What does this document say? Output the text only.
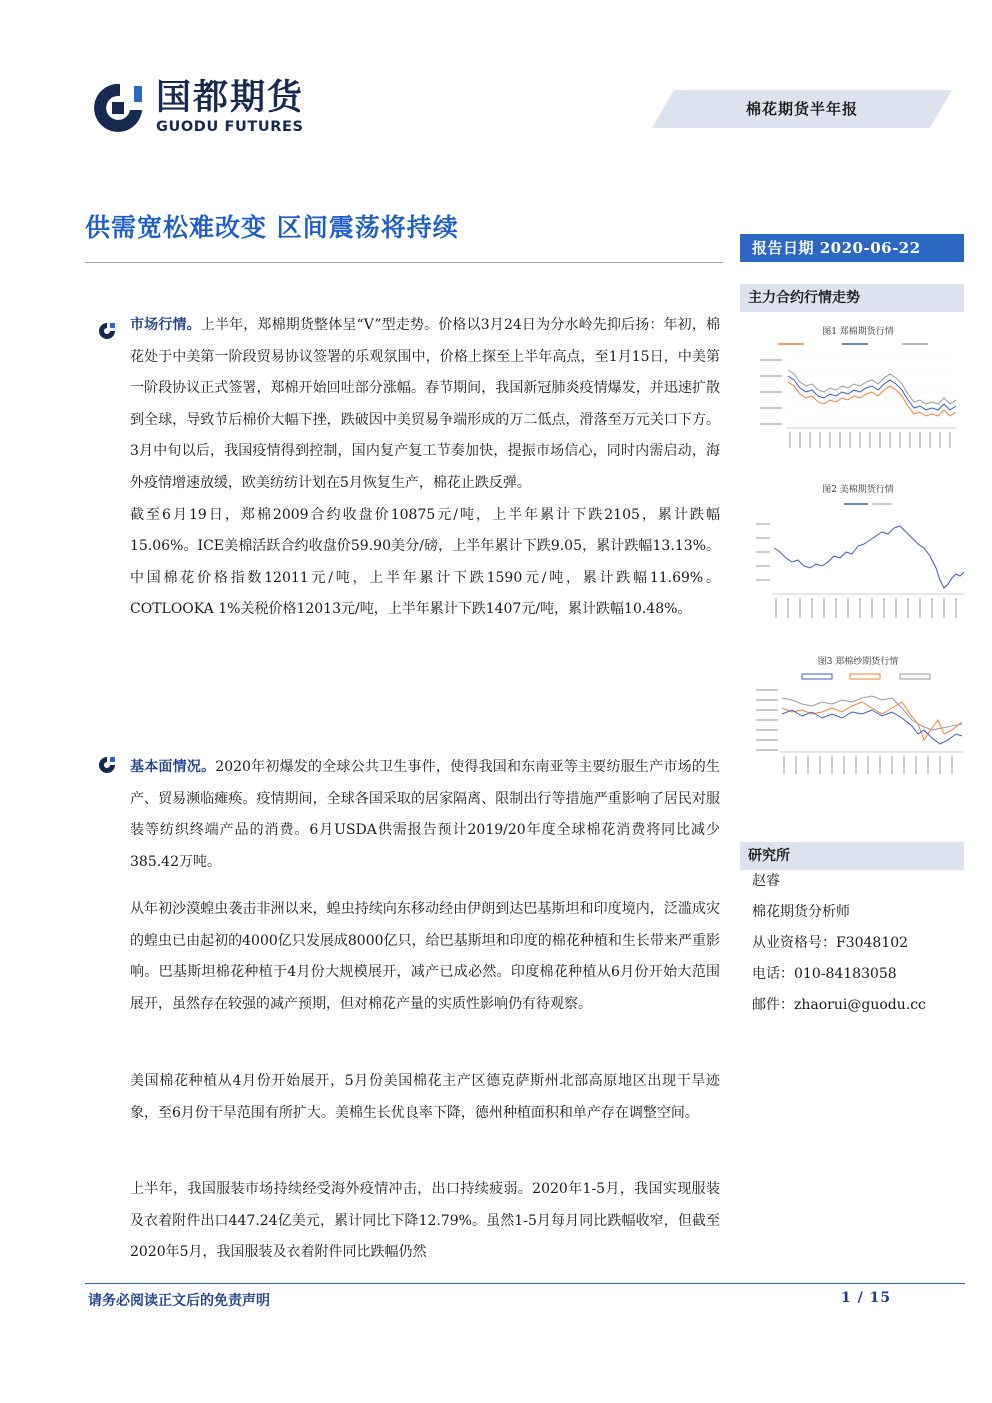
国都期货
GUODU FUTURES
棉花期货半年报
供需宽松难改变 区间震荡将持续
报告日期 2020-06-22
主力合约行情走势
图1 郑棉期货行情
图2 美棉期货行情
图3 郑棉纱期货行情
研究所
赵睿
棉花期货分析师
从业资格号：F3048102
电话：010-84183058
邮件：zhaorui@guodu.cc

市场行情。上半年，郑棉期货整体呈“V”型走势。价格以3月24日为分水岭先抑后扬：年初，棉花处于中美第一阶段贸易协议签署的乐观氛围中，价格上探至上半年高点，至1月15日，中美第一阶段协议正式签署，郑棉开始回吐部分涨幅。春节期间，我国新冠肺炎疫情爆发，并迅速扩散到全球，导致节后棉价大幅下挫，跌破因中美贸易争端形成的万二低点，滑落至万元关口下方。3月中旬以后，我国疫情得到控制，国内复产复工节奏加快，提振市场信心，同时内需启动，海外疫情增速放缓，欧美纺纺计划在5月恢复生产，棉花止跌反弹。

截至6月19日，郑棉2009合约收盘价10875元/吨，上半年累计下跌2105，累计跌幅15.06%。ICE美棉活跃合约收盘价59.90美分/磅，上半年累计下跌9.05，累计跌幅13.13%。中国棉花价格指数12011元/吨，上半年累计下跌1590元/吨，累计跌幅11.69%。COTLOOKA 1%关税价格12013元/吨，上半年累计下跌1407元/吨，累计跌幅10.48%。

基本面情况。2020年初爆发的全球公共卫生事件，使得我国和东南亚等主要纺服生产市场的生产、贸易濒临瘫痪。疫情期间，全球各国采取的居家隔离、限制出行等措施严重影响了居民对服装等纺织终端产品的消费。6月USDA供需报告预计2019/20年度全球棉花消费将同比减少385.42万吨。

从年初沙漠蝗虫袭击非洲以来，蝗虫持续向东移动经由伊朗到达巴基斯坦和印度境内，泛滥成灾的蝗虫已由起初的4000亿只发展成8000亿只，给巴基斯坦和印度的棉花种植和生长带来严重影响。巴基斯坦棉花种植于4月份大规模展开，减产已成必然。印度棉花种植从6月份开始大范围展开，虽然存在较强的减产预期，但对棉花产量的实质性影响仍有待观察。

美国棉花种植从4月份开始展开，5月份美国棉花主产区德克萨斯州北部高原地区出现干旱迹象，至6月份干旱范围有所扩大。美棉生长优良率下降，德州种植面积和单产存在调整空间。

上半年，我国服装市场持续经受海外疫情冲击，出口持续疲弱。2020年1-5月，我国实现服装及衣着附件出口447.24亿美元，累计同比下降12.79%。虽然1-5月每月同比跌幅收窄，但截至2020年5月，我国服装及衣着附件同比跌幅仍然

请务必阅读正文后的免责声明	1 / 15
